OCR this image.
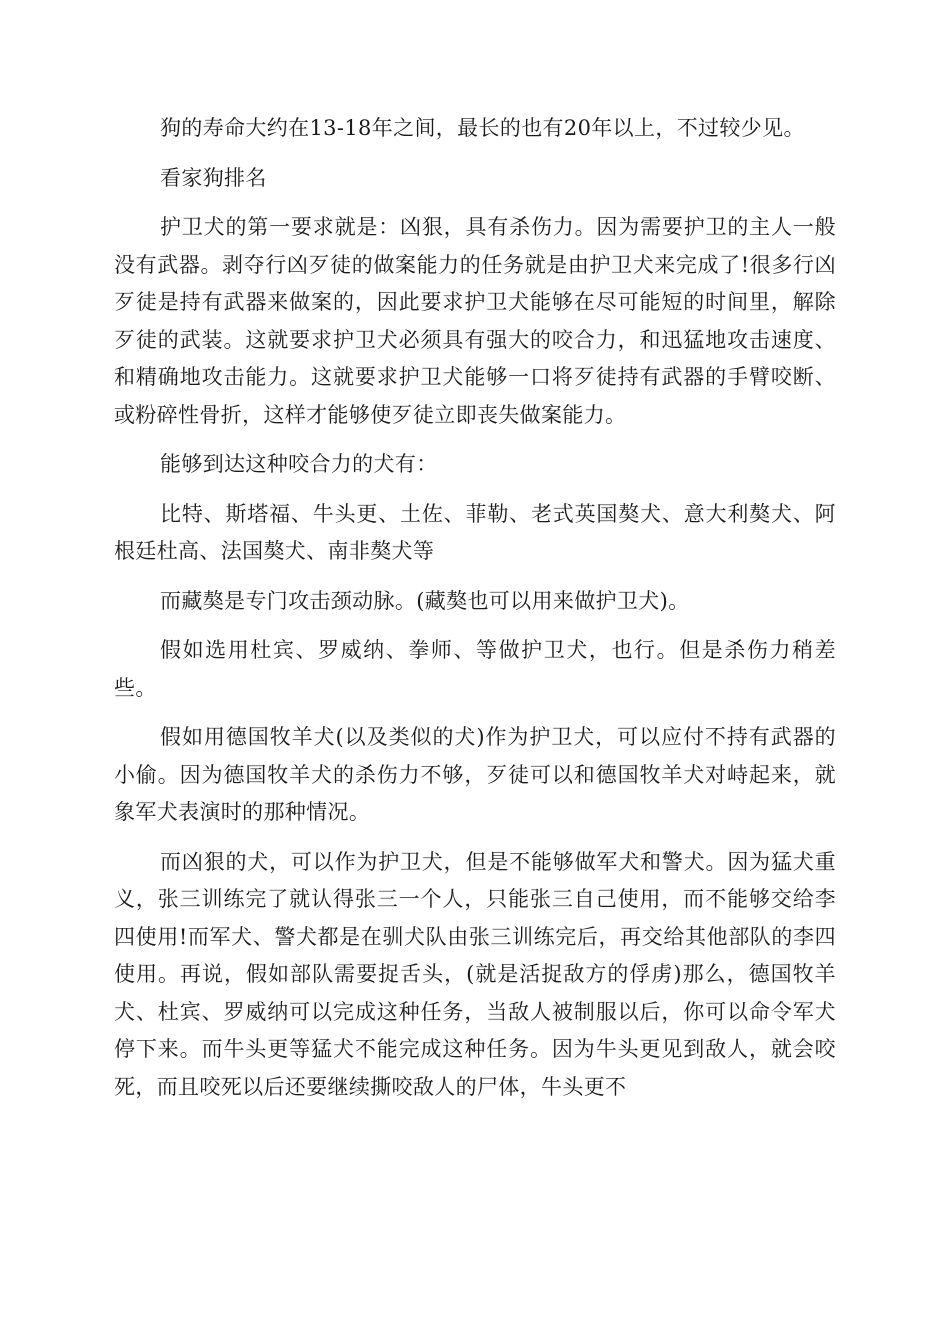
狗的寿命大约在13-18年之间，最长的也有20年以上，不过较少见。

看家狗排名

护卫犬的第一要求就是：凶狠，具有杀伤力。因为需要护卫的主人一般没有武器。剥夺行凶歹徒的做案能力的任务就是由护卫犬来完成了!很多行凶歹徒是持有武器来做案的，因此要求护卫犬能够在尽可能短的时间里，解除歹徒的武装。这就要求护卫犬必须具有强大的咬合力，和迅猛地攻击速度、和精确地攻击能力。这就要求护卫犬能够一口将歹徒持有武器的手臂咬断、或粉碎性骨折，这样才能够使歹徒立即丧失做案能力。

能够到达这种咬合力的犬有：

比特、斯塔福、牛头更、土佐、菲勒、老式英国獒犬、意大利獒犬、阿根廷杜高、法国獒犬、南非獒犬等

而藏獒是专门攻击颈动脉。(藏獒也可以用来做护卫犬)。

假如选用杜宾、罗威纳、拳师、等做护卫犬，也行。但是杀伤力稍差些。

假如用德国牧羊犬(以及类似的犬)作为护卫犬，可以应付不持有武器的小偷。因为德国牧羊犬的杀伤力不够，歹徒可以和德国牧羊犬对峙起来，就象军犬表演时的那种情况。

而凶狠的犬，可以作为护卫犬，但是不能够做军犬和警犬。因为猛犬重义，张三训练完了就认得张三一个人，只能张三自己使用，而不能够交给李四使用!而军犬、警犬都是在驯犬队由张三训练完后，再交给其他部队的李四使用。再说，假如部队需要捉舌头，(就是活捉敌方的俘虏)那么，德国牧羊犬、杜宾、罗威纳可以完成这种任务，当敌人被制服以后，你可以命令军犬停下来。而牛头更等猛犬不能完成这种任务。因为牛头更见到敌人，就会咬死，而且咬死以后还要继续撕咬敌人的尸体，牛头更不
